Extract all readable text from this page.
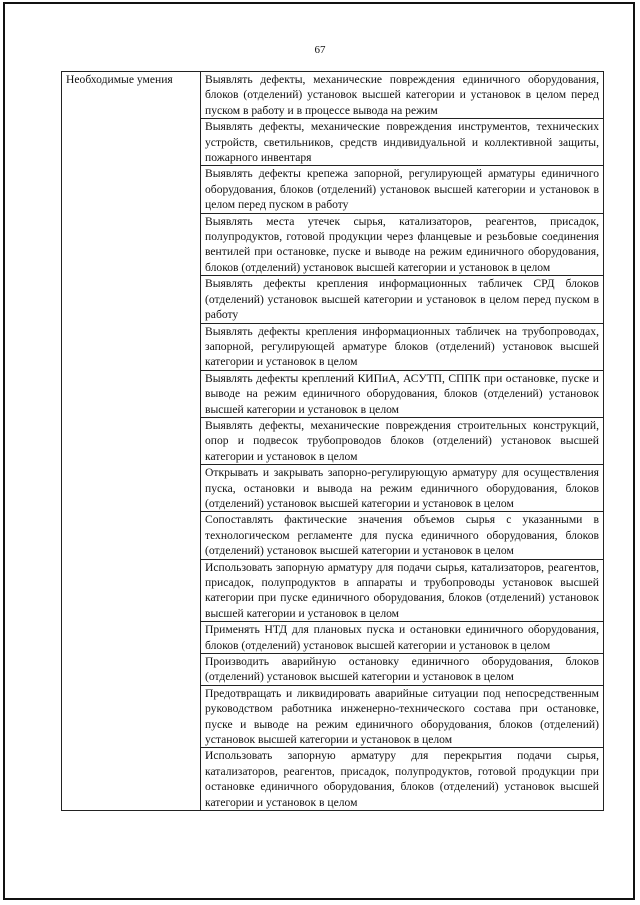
67
Необходимые умения	Выявлять дефекты, механические повреждения единичного оборудования, блоков (отделений) установок высшей категории и установок в целом перед пуском в работу и в процессе вывода на режим

Выявлять дефекты, механические повреждения инструментов, технических устройств, светильников, средств индивидуальной и коллективной защиты, пожарного инвентаря

Выявлять дефекты крепежа запорной, регулирующей арматуры единичного оборудования, блоков (отделений) установок высшей категории и установок в целом перед пуском в работу

Выявлять места утечек сырья, катализаторов, реагентов, присадок, полупродуктов, готовой продукции через фланцевые и резьбовые соединения вентилей при остановке, пуске и выводе на режим единичного оборудования, блоков (отделений) установок высшей категории и установок в целом

Выявлять дефекты крепления информационных табличек СРД блоков (отделений) установок высшей категории и установок в целом перед пуском в работу

Выявлять дефекты крепления информационных табличек на трубопроводах, запорной, регулирующей арматуре блоков (отделений) установок высшей категории и установок в целом

Выявлять дефекты креплений КИПиА, АСУТП, СППК при остановке, пуске и выводе на режим единичного оборудования, блоков (отделений) установок высшей категории и установок в целом

Выявлять дефекты, механические повреждения строительных конструкций, опор и подвесок трубопроводов блоков (отделений) установок высшей категории и установок в целом

Открывать и закрывать запорно-регулирующую арматуру для осуществления пуска, остановки и вывода на режим единичного оборудования, блоков (отделений) установок высшей категории и установок в целом

Сопоставлять фактические значения объемов сырья с указанными в технологическом регламенте для пуска единичного оборудования, блоков (отделений) установок высшей категории и установок в целом

Использовать запорную арматуру для подачи сырья, катализаторов, реагентов, присадок, полупродуктов в аппараты и трубопроводы установок высшей категории при пуске единичного оборудования, блоков (отделений) установок высшей категории и установок в целом

Применять НТД для плановых пуска и остановки единичного оборудования, блоков (отделений) установок высшей категории и установок в целом

Производить аварийную остановку единичного оборудования, блоков (отделений) установок высшей категории и установок в целом

Предотвращать и ликвидировать аварийные ситуации под непосредственным руководством работника инженерно-технического состава при остановке, пуске и выводе на режим единичного оборудования, блоков (отделений) установок высшей категории и установок в целом

Использовать запорную арматуру для перекрытия подачи сырья, катализаторов, реагентов, присадок, полупродуктов, готовой продукции при остановке единичного оборудования, блоков (отделений) установок высшей категории и установок в целом
